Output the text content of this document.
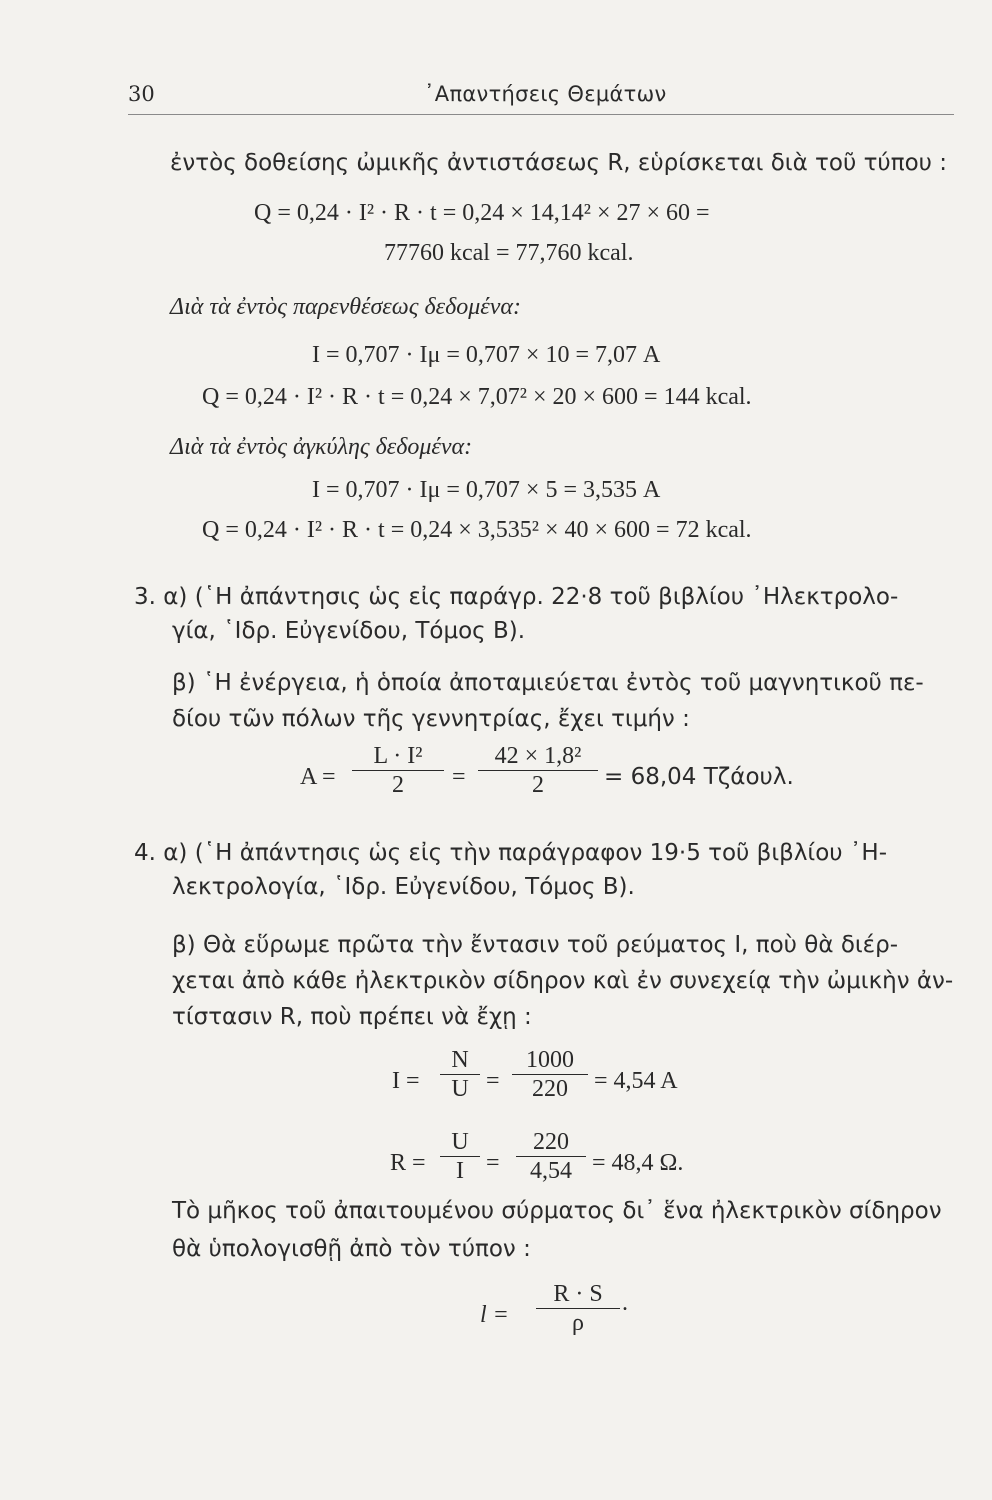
30	᾿Απαντήσεις Θεμάτων
ἐντὸς δοθείσης ὠμικῆς ἀντιστάσεως R, εὑρίσκεται διὰ τοῦ τύπου :
Q = 0,24 · I² · R · t = 0,24 × 14,14² × 27 × 60 =
77760 kcal = 77,760 kcal.
Διὰ τὰ ἐντὸς παρενθέσεως δεδομένα:
I = 0,707 · Iμ = 0,707 × 10 = 7,07 A
Q = 0,24 · I² · R · t = 0,24 × 7,07² × 20 × 600 = 144 kcal.
Διὰ τὰ ἐντὸς ἀγκύλης δεδομένα:
I = 0,707 · Iμ = 0,707 × 5 = 3,535 A
Q = 0,24 · I² · R · t = 0,24 × 3,535² × 40 × 600 = 72 kcal.
3. α) (῾Η ἀπάντησις ὡς εἰς παράγρ. 22·8 τοῦ βιβλίου ᾿Ηλεκτρολο-
γία, ῾Ιδρ. Εὐγενίδου, Τόμος Β).
β) ῾Η ἐνέργεια, ἡ ὁποία ἀποταμιεύεται ἐντὸς τοῦ μαγνητικοῦ πε-
δίου τῶν πόλων τῆς γεννητρίας, ἔχει τιμήν :
A =
L · I²
2	=
42 × 1,8²
2	= 68,04 Τζάουλ.
4. α) (῾Η ἀπάντησις ὡς εἰς τὴν παράγραφον 19·5 τοῦ βιβλίου ᾿Η-
λεκτρολογία, ῾Ιδρ. Εὐγενίδου, Τόμος Β).
β) Θὰ εὕρωμε πρῶτα τὴν ἔντασιν τοῦ ρεύματος I, ποὺ θὰ διέρ-
χεται ἀπὸ κάθε ἠλεκτρικὸν σίδηρον καὶ ἐν συνεχείᾳ τὴν ὠμικὴν ἀν-
τίστασιν R, ποὺ πρέπει νὰ ἔχῃ :
I =
N
U =
1000
220	= 4,54 A
R =
U
I =
220
4,54 = 48,4 Ω.
Τὸ μῆκος τοῦ ἀπαιτουμένου σύρματος δι᾿ ἕνα ἠλεκτρικὸν σίδηρον
θὰ ὑπολογισθῇ ἀπὸ τὸν τύπον :
l =
R · S
ρ
.
